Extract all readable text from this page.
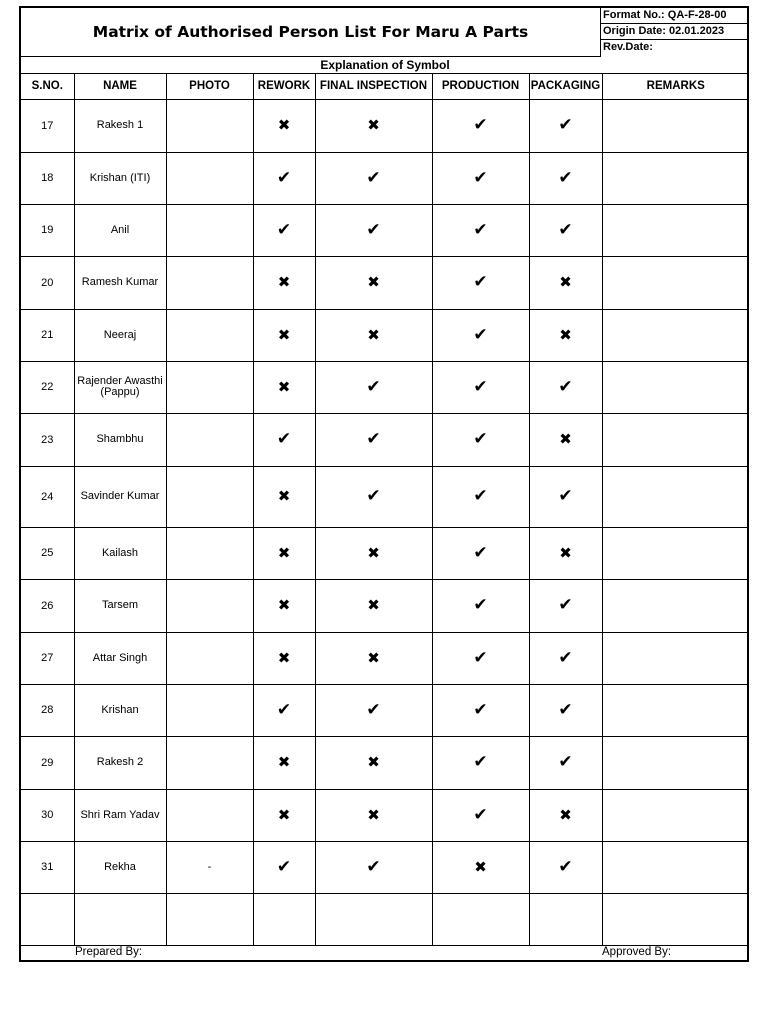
Matrix of Authorised Person List For Maru A Parts
Format No.: QA-F-28-00
Origin Date: 02.01.2023
Rev.Date:
Explanation of Symbol
S.NO.	NAME	PHOTO	REWORK	FINAL INSPECTION	PRODUCTION	PACKAGING	REMARKS
17	Rakesh 1		✖	✖	✔	✔	
18	Krishan (ITI)		✔	✔	✔	✔	
19	Anil		✔	✔	✔	✔	
20	Ramesh Kumar		✖	✖	✔	✖	
21	Neeraj		✖	✖	✔	✖	
22	Rajender Awasthi (Pappu)		✖	✔	✔	✔	
23	Shambhu		✔	✔	✔	✖	
24	Savinder Kumar		✖	✔	✔	✔	
25	Kailash		✖	✖	✔	✖	
26	Tarsem		✖	✖	✔	✔	
27	Attar Singh		✖	✖	✔	✔	
28	Krishan		✔	✔	✔	✔	
29	Rakesh 2		✖	✖	✔	✔	
30	Shri Ram Yadav		✖	✖	✔	✖	
31	Rekha	-	✔	✔	✖	✔	

Prepared By:	Approved By:
